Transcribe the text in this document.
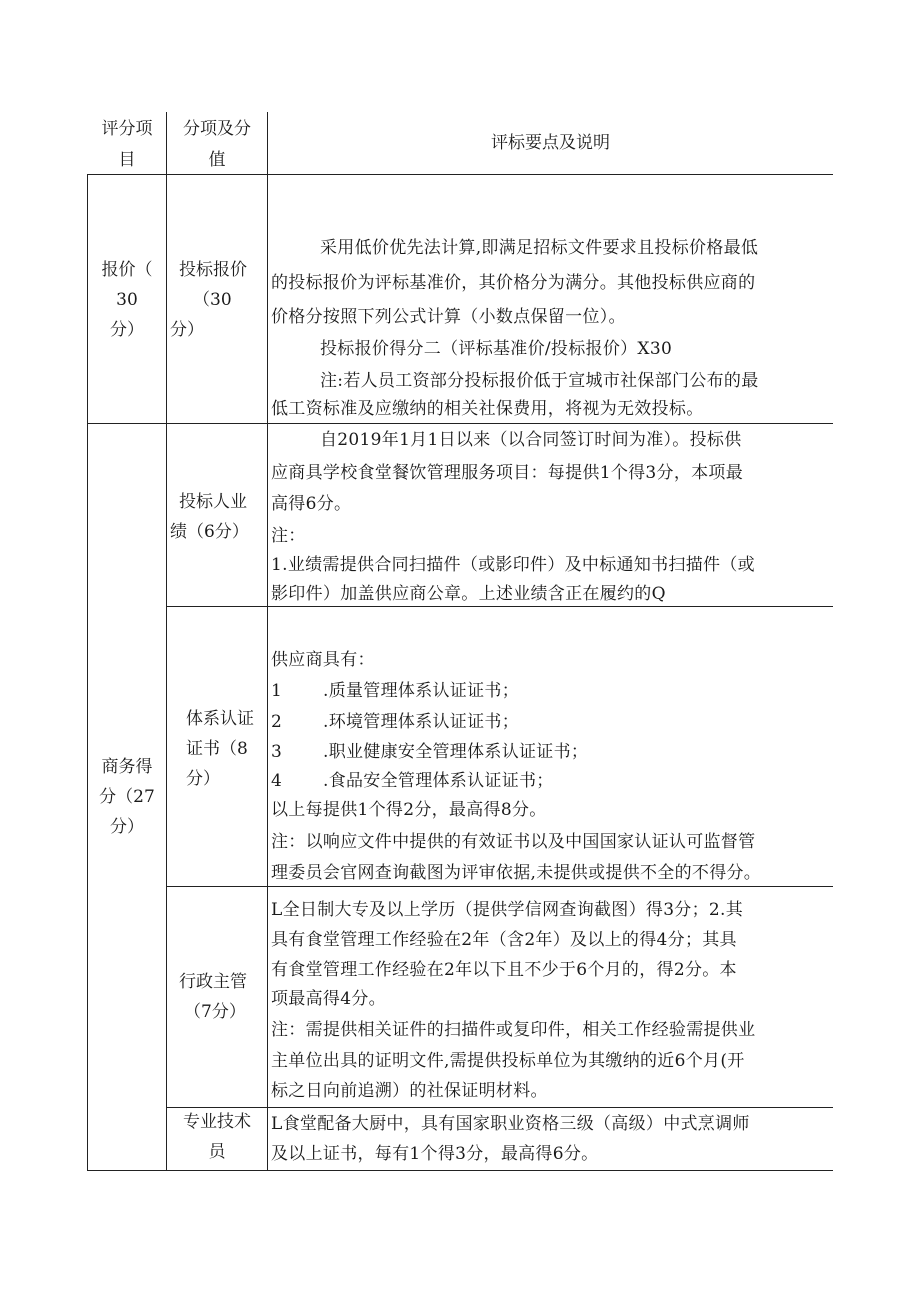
评分项
目
分项及分
值
评标要点及说明
报价（
30
分）
投标报价
（30
分）
采用低价优先法计算,即满足招标文件要求且投标价格最低
的投标报价为评标基准价，其价格分为满分。其他投标供应商的
价格分按照下列公式计算（小数点保留一位）。
投标报价得分二（评标基准价/投标报价）X30
注:若人员工资部分投标报价低于宣城市社保部门公布的最
低工资标准及应缴纳的相关社保费用，将视为无效投标。
商务得
分（27
分）
投标人业
绩（6分）
自2019年1月1日以来（以合同签订时间为准）。投标供
应商具学校食堂餐饮管理服务项目：每提供1个得3分，本项最
高得6分。
注：
1.业绩需提供合同扫描件（或影印件）及中标通知书扫描件（或
影印件）加盖供应商公章。上述业绩含正在履约的Q
体系认证
证书（8
分）
供应商具有：
1 .质量管理体系认证证书；
2 .环境管理体系认证证书；
3 .职业健康安全管理体系认证证书；
4 .食品安全管理体系认证证书；
以上每提供1个得2分，最高得8分。
注：以响应文件中提供的有效证书以及中国国家认证认可监督管
理委员会官网查询截图为评审依据,未提供或提供不全的不得分。
行政主管
（7分）
L全日制大专及以上学历（提供学信网查询截图）得3分；2.其
具有食堂管理工作经验在2年（含2年）及以上的得4分；其具
有食堂管理工作经验在2年以下且不少于6个月的，得2分。本
项最高得4分。
注：需提供相关证件的扫描件或复印件，相关工作经验需提供业
主单位出具的证明文件,需提供投标单位为其缴纳的近6个月(开
标之日向前追溯）的社保证明材料。
专业技术
员
L食堂配备大厨中，具有国家职业资格三级（高级）中式烹调师
及以上证书，每有1个得3分，最高得6分。
